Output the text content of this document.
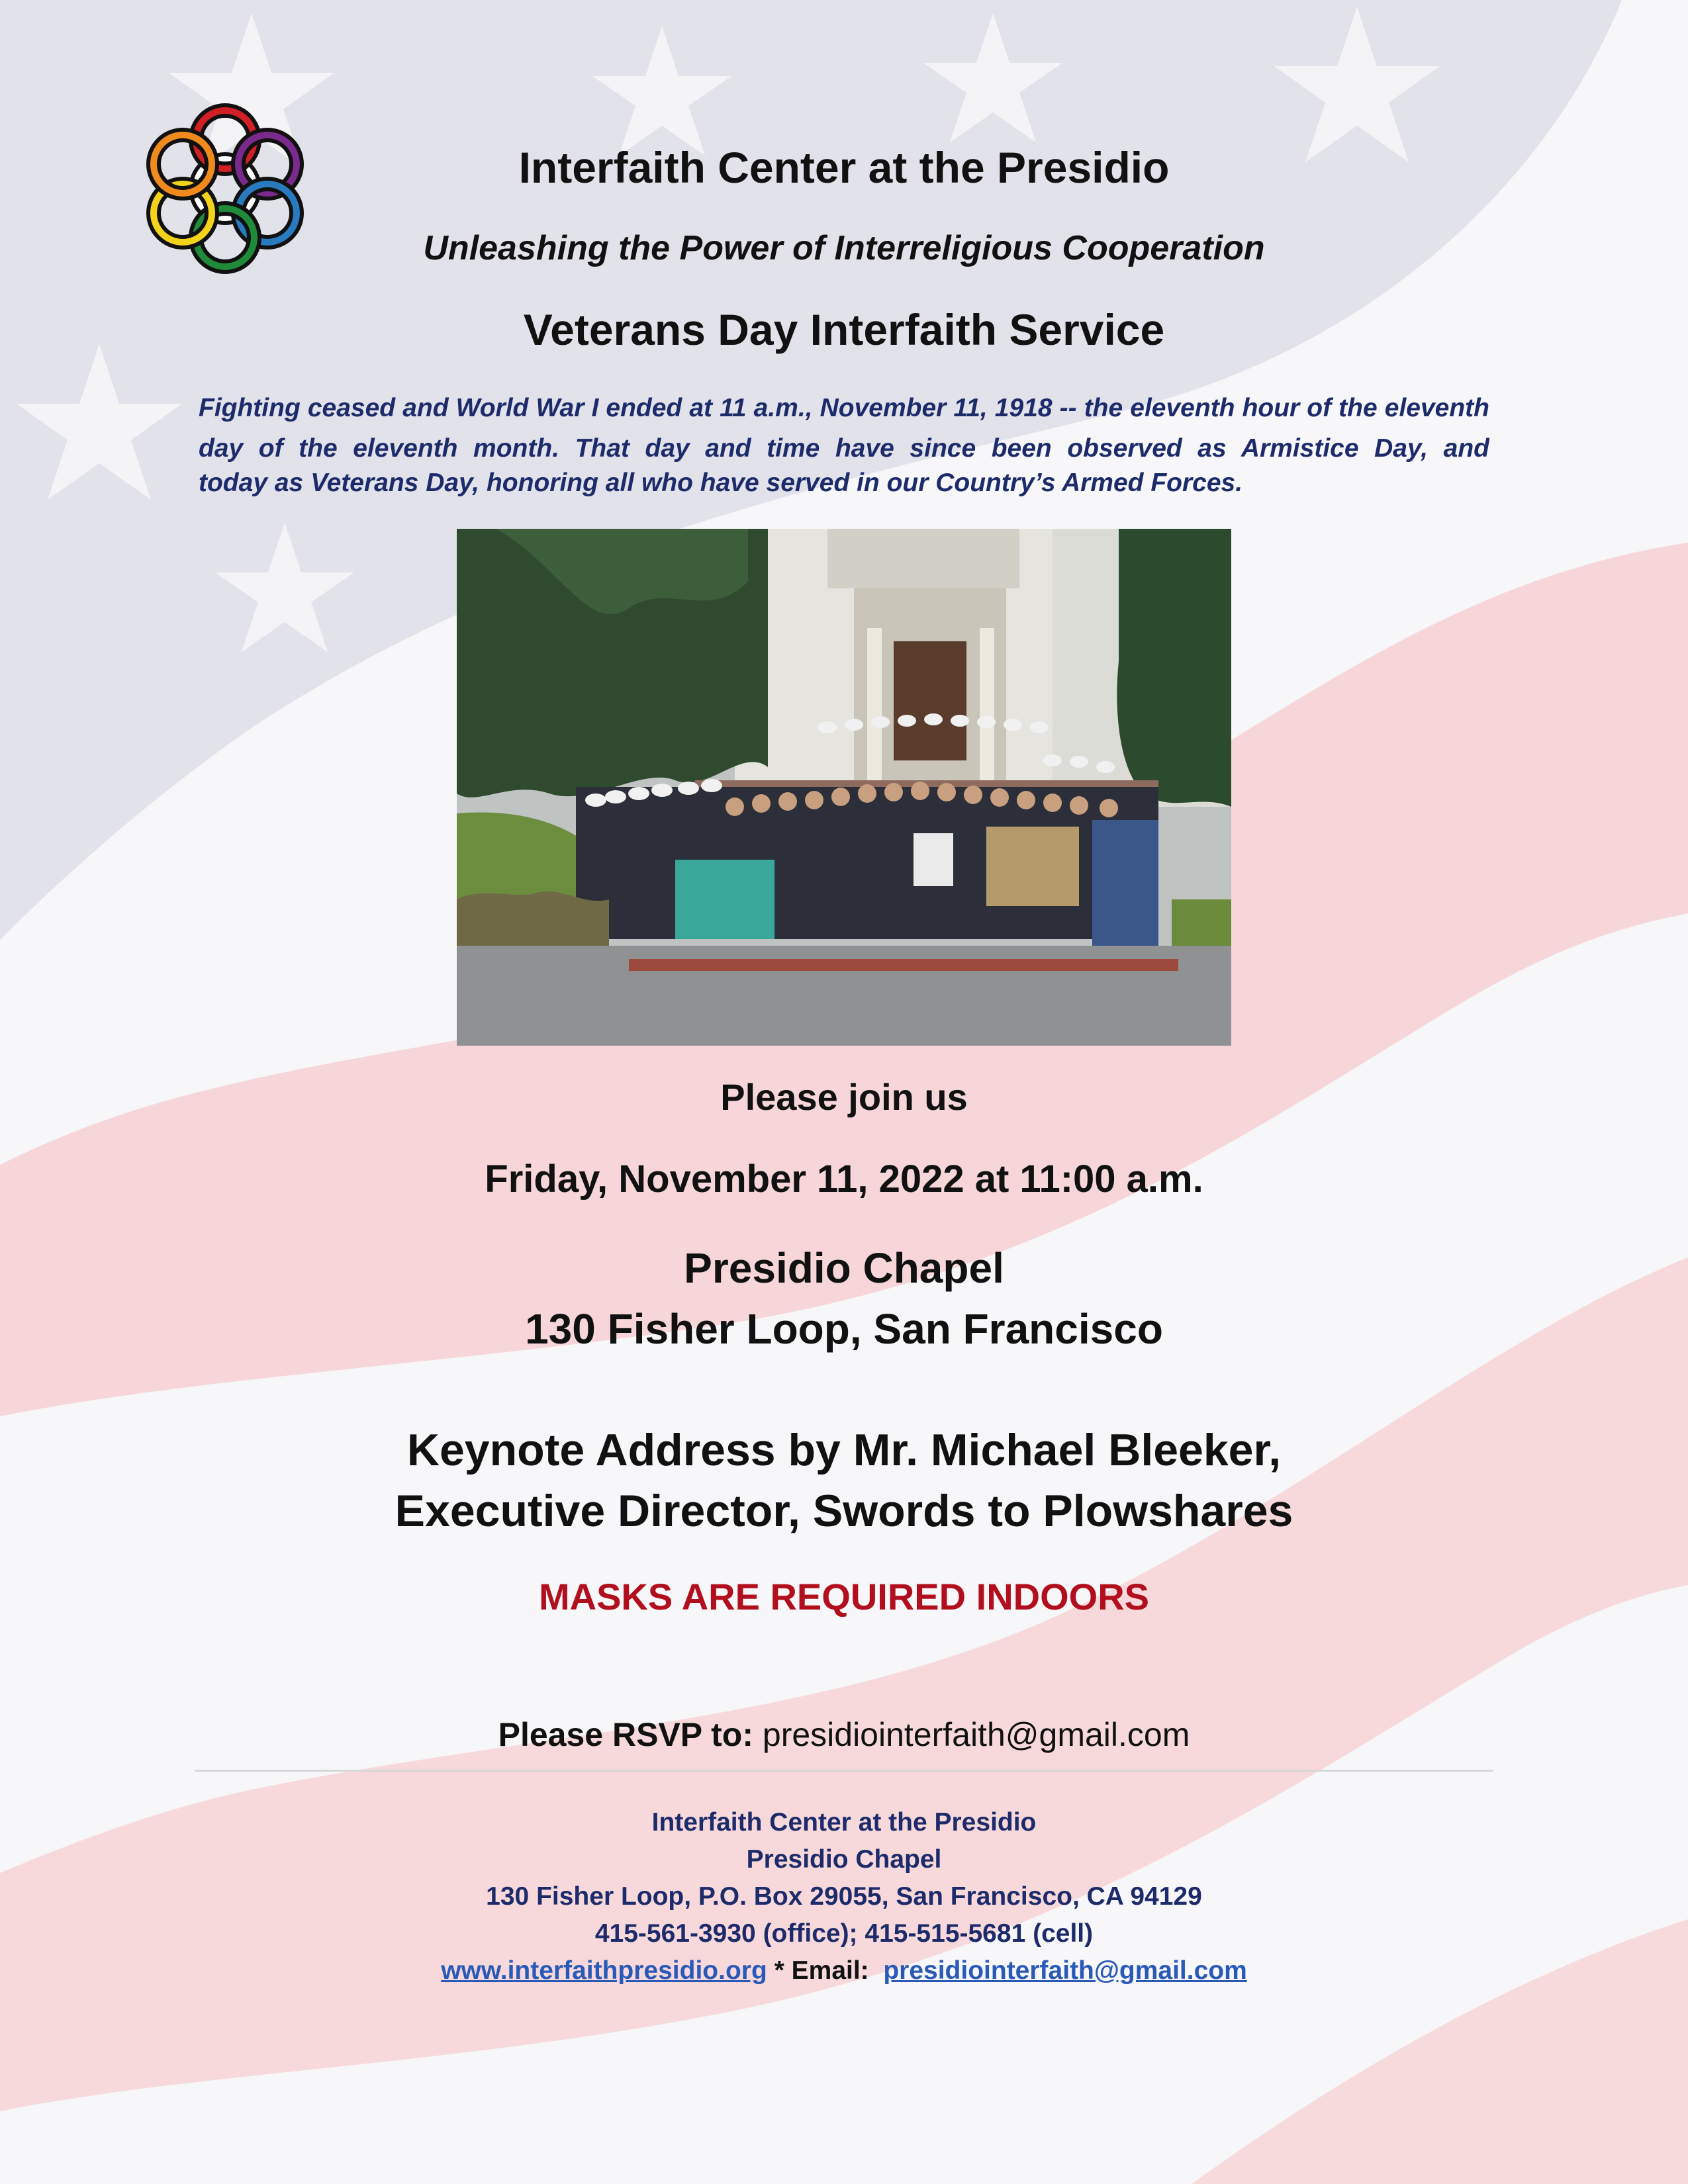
Interfaith Center at the Presidio
Unleashing the Power of Interreligious Cooperation
Veterans Day Interfaith Service
Fighting ceased and World War I ended at 11 a.m., November 11, 1918 -- the eleventh hour of the eleventh day of the eleventh month. That day and time have since been observed as Armistice Day, and
today as Veterans Day, honoring all who have served in our Country’s Armed Forces.
Please join us
Friday, November 11, 2022 at 11:00 a.m.
Presidio Chapel
130 Fisher Loop, San Francisco
Keynote Address by Mr. Michael Bleeker,
Executive Director, Swords to Plowshares
MASKS ARE REQUIRED INDOORS
Please RSVP to: presidiointerfaith@gmail.com
Interfaith Center at the Presidio
Presidio Chapel
130 Fisher Loop, P.O. Box 29055, San Francisco, CA 94129
415-561-3930 (office); 415-515-5681 (cell)
www.interfaithpresidio.org * Email:  presidiointerfaith@gmail.com
